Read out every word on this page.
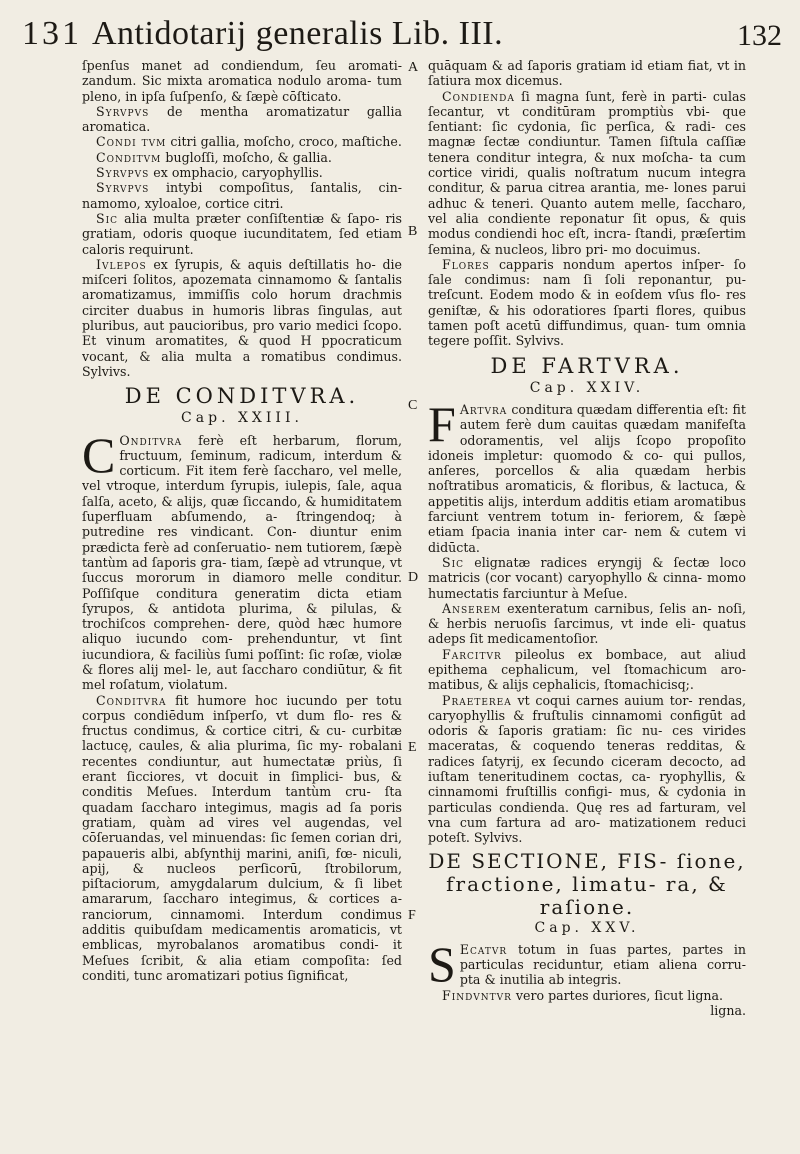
131 Antidotarij generalis Lib. III.	132
A
B
C
D
E
F

ſpenſus manet ad condiendum, ſeu aromati- zandum. Sic mixta aromatica nodulo aroma- tum pleno, in ipſa ſuſpenſo, & ſæpè cōſticato.

Syrvpvs de mentha aromatizatur gallia aromatica.

Condi tvm citri gallia, moſcho, croco, maſtiche.

Conditvm bugloſſi, moſcho, & gallia.

Syrvpvs ex omphacio, caryophyllis.

Syrvpvs intybi compoſitus, ſantalis, cin- namomo, xyloaloe, cortice citri.

Sic alia multa præter conſiſtentiæ & ſapo- ris gratiam, odoris quoque iucunditatem, ſed etiam caloris requirunt.

Ivlepos ex ſyrupis, & aquis deſtillatis ho- die miſceri ſolitos, apozemata cinnamomo & ſantalis aromatizamus, immiſſis colo horum drachmis circiter duabus in humoris libras ſingulas, aut pluribus, aut paucioribus, pro vario medici ſcopo. Et vinum aromatites, & quod H ppocraticum vocant, & alia multa a romatibus condimus. Sylvivs.

DE CONDITVRA.
Cap. XXIII.

C Onditvra ferè eſt herbarum, florum, fructuum, ſeminum, radicum, interdum & corticum. Fit item ferè ſaccharo, vel melle, vel vtroque, interdum ſyrupis, iulepis, ſale, aqua ſalſa, aceto, & alijs, quæ ſiccando, & humiditatem ſuperfluam abſumendo, a- ſtringendoq; à putredine res vindicant. Con- diuntur enim prædicta ferè ad conſeruatio- nem tutiorem, ſæpè tantùm ad ſaporis gra- tiam, ſæpè ad vtrunque, vt ſuccus mororum in diamoro melle conditur. Poſſiſque conditura generatim dicta etiam ſyrupos, & antidota plurima, & pilulas, & trochiſcos comprehen- dere, quòd hæc humore aliquo iucundo com- prehenduntur, vt ſint iucundiora, & faciliùs ſumi poſſint: ſic roſæ, violæ & flores alij mel- le, aut ſaccharo condiūtur, & fit mel roſatum, violatum.

Conditvra fit humore hoc iucundo per totu corpus condiēdum inſperſo, vt dum flo- res & fructus condimus, & cortice citri, & cu- curbitæ lactucę, caules, & alia plurima, ſic my- robalani recentes condiuntur, aut humectatæ priùs, ſi erant ſicciores, vt docuit in ſimplici- bus, & conditis Meſues. Interdum tantùm cru- ſta quadam ſaccharo integimus, magis ad ſa poris gratiam, quàm ad vires vel augendas, vel cōſeruandas, vel minuendas: ſic ſemen corian dri, papaueris albi, abſynthij marini, aniſi, fœ- niculi, apij, & nucleos perſicorū, ſtrobilorum, piſtaciorum, amygdalarum dulcium, & ſi libet amararum, ſaccharo integimus, & cortices a- ranciorum, cinnamomi. Interdum condimus additis quibuſdam medicamentis aromaticis, vt emblicas, myrobalanos aromatibus condi- it Meſues ſcribit, & alia etiam compoſita: ſed conditi, tunc aromatizari potius ſignificat,

quāquam & ad ſaporis gratiam id etiam fiat, vt in ſatiura mox dicemus.

Condienda ſi magna ſunt, ferè in parti- culas ſecantur, vt conditūram promptiùs vbi- que ſentiant: ſic cydonia, ſic perſica, & radi- ces magnæ ſectæ condiuntur. Tamen ſiſtula caſſiæ tenera conditur integra, & nux moſcha- ta cum cortice viridi, qualis noſtratum nucum integra conditur, & parua citrea arantia, me- lones parui adhuc & teneri. Quanto autem melle, ſaccharo, vel alia condiente reponatur ſit opus, & quis modus condiendi hoc eſt, incra- ſtandi, præſertim ſemina, & nucleos, libro pri- mo docuimus.

Flores capparis nondum apertos inſper- ſo ſale condimus: nam ſi ſoli reponantur, pu- treſcunt. Eodem modo & in eoſdem vſus flo- res geniſtæ, & his odoratiores ſparti flores, quibus tamen poſt acetū diffundimus, quan- tum omnia tegere poſſit. Sylvivs.

DE FARTVRA.
Cap. XXIV.

F Artvra conditura quædam differentia eſt: fit autem ferè dum cauitas quædam manifeſta odoramentis, vel alijs ſcopo propoſito idoneis impletur: quomodo & co- qui pullos, anſeres, porcellos & alia quædam herbis noſtratibus aromaticis, & floribus, & lactuca, & appetitis alijs, interdum additis etiam aromatibus farciunt ventrem totum in- feriorem, & ſæpè etiam ſpacia inania inter car- nem & cutem vi didūcta.

Sic elignatæ radices eryngij & ſectæ loco matricis (cor vocant) caryophyllo & cinna- momo humectatis farciuntur à Meſue.

Anserem exenteratum carnibus, ſelis an- noſi, & herbis neruoſis ſarcimus, vt inde eli- quatus adeps ſit medicamentoſior.

Farcitvr pileolus ex bombace, aut aliud epithema cephalicum, vel ſtomachicum aro- matibus, & alijs cephalicis, ſtomachicisq;.

Praeterea vt coqui carnes auium tor- rendas, caryophyllis & fruſtulis cinnamomi configūt ad odoris & ſaporis gratiam: ſic nu- ces virides maceratas, & coquendo teneras redditas, & radices ſatyrij, ex ſecundo ciceram decocto, ad iuſtam teneritudinem coctas, ca- ryophyllis, & cinnamomi fruſtillis configi- mus, & cydonia in particulas condienda. Quę res ad farturam, vel vna cum fartura ad aro- matizationem reduci poteſt. Sylvivs.

DE SECTIONE, FIS- ſione, fractione, limatu- ra, & raſione.
Cap. XXV.

S Ecatvr totum in ſuas partes, partes in particulas reciduntur, etiam aliena corru- pta & inutilia ab integris.

Findvntvr vero partes duriores, ſicut ligna.

ligna.
